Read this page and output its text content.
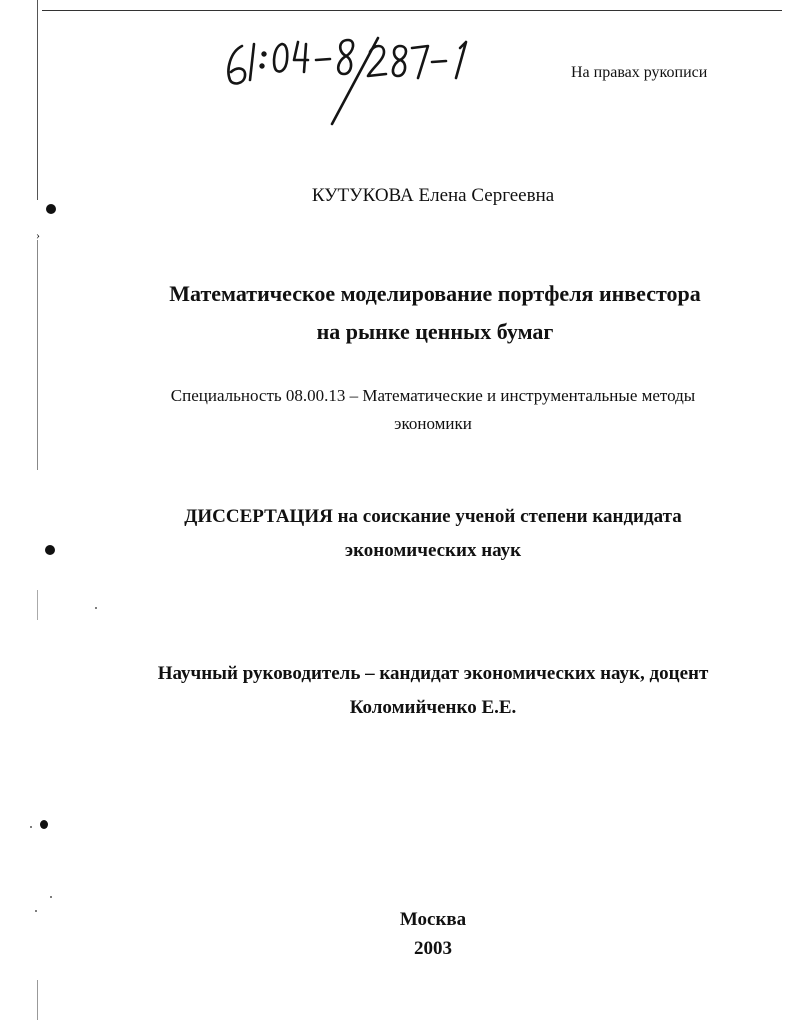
›
На правах рукописи
КУТУКОВА Елена Сергеевна
Математическое моделирование портфеля инвестора
на рынке ценных бумаг
Специальность 08.00.13 – Математические и инструментальные методы
экономики
ДИССЕРТАЦИЯ на соискание ученой степени кандидата
экономических наук
Научный руководитель – кандидат экономических наук, доцент
Коломийченко Е.Е.
Москва
2003
